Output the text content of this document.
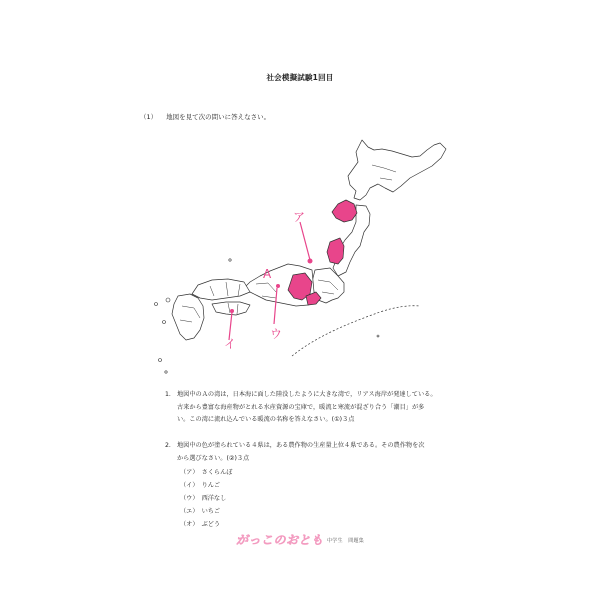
社会模擬試験1回目
（1） 地図を見て次の問いに答えなさい。
ア
A
イ
ウ
1. 地図中のＡの湾は，日本海に面した陸没したように大きな湾で，リアス海岸が発達している。
古来から豊富な海産物がとれる水産資源の宝庫で，暖流と寒流が混ざり合う「潮目」が多
い。この湾に流れ込んでいる暖流の名称を答えなさい。(①)３点
2. 地図中の色が塗られている４県は，ある農作物の生産量上位４県である。その農作物を次
から選びなさい。(②)３点
（ア） さくらんぼ
（イ） りんご
（ウ） 西洋なし
（エ） いちご
（オ） ぶどう
がっこのおとも 中学生　問題集
